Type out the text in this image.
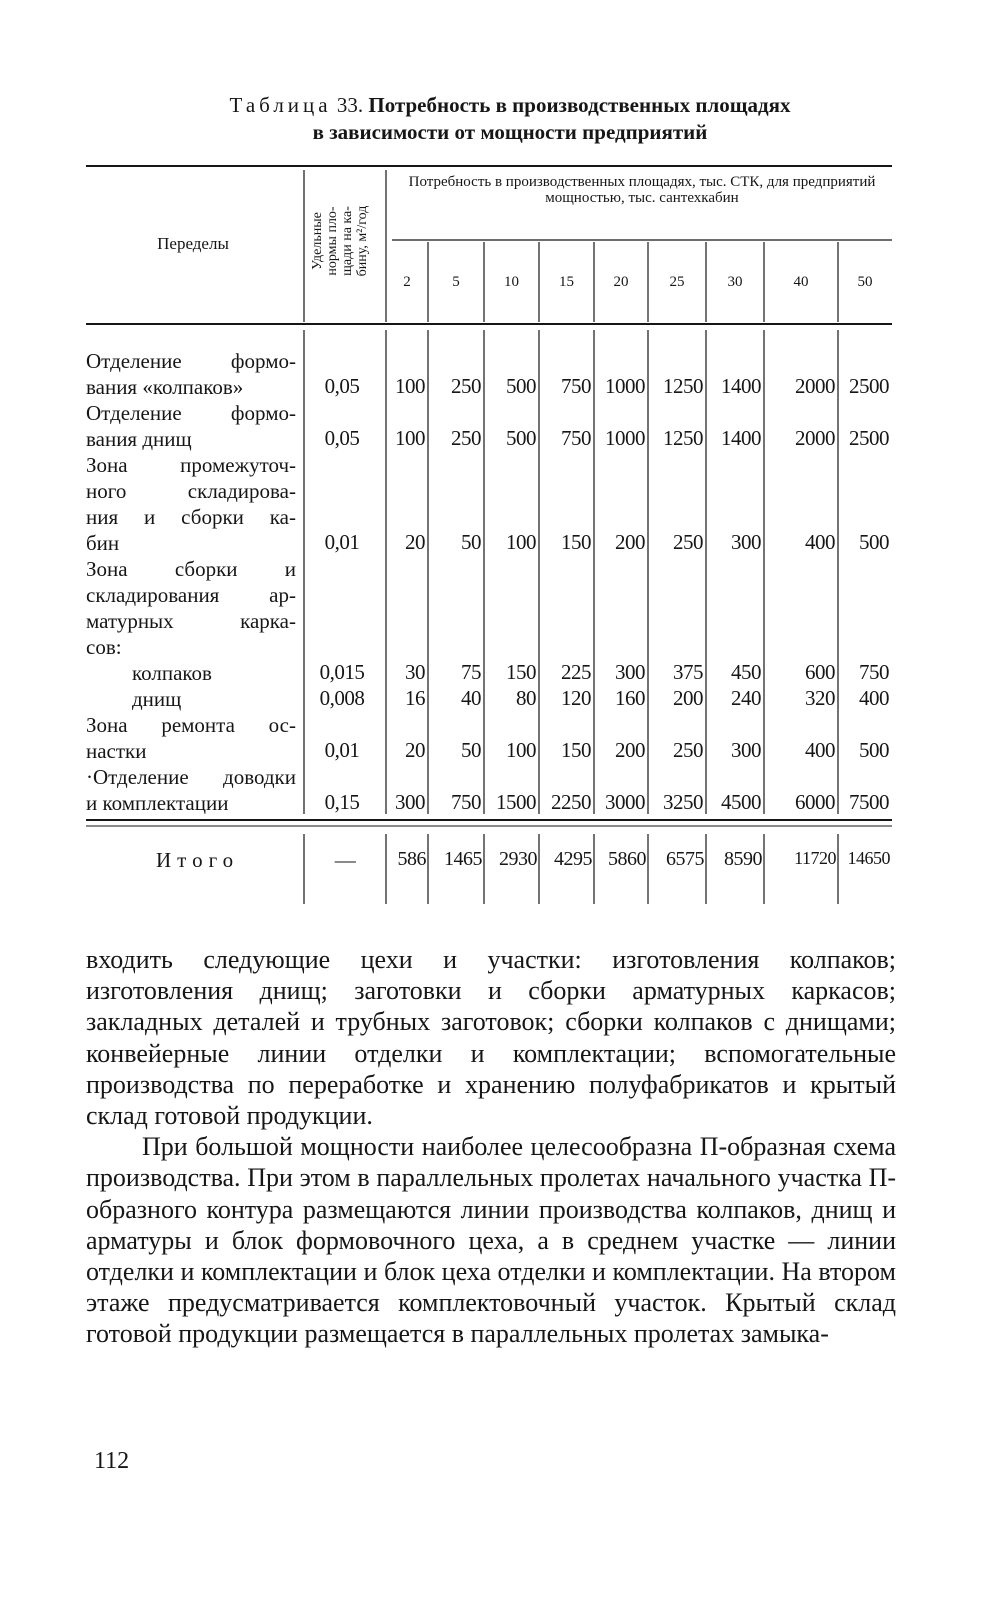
Таблица 33. Потребность в производственных площадях
в зависимости от мощности предприятий
Переделы	Удельные
нормы пло-
щади на ка-
бину, м²/год
Потребность в производственных площадях, тыс. СТК, для предприятий мощностью, тыс. сантехкабин
2	5	10	15	20	25	30	40	50
Отделение формо-
вания «колпаков»	0,05	100	250	500	750 1000 1250 1400	2000 2500
Отделение формо-
вания днищ	0,05	100	250	500	750 1000 1250 1400	2000 2500
Зона промежуточ-
ного складирова-
ния и сборки ка-
бин	0,01	20	50	100	150	200	250	300	400	500
Зона сборки и
складирования ар-
матурных карка-
сов:
колпаков	0,015	30	75	150	225	300	375	450	600	750
днищ	0,008	16	40	80	120	160	200	240	320	400
Зона ремонта ос-
настки	0,01	20	50	100	150	200	250	300	400	500
·Отделение доводки
и комплектации	0,15	300	750 1500 2250 3000 3250 4500	6000 7500
Итого	—	586 1465 2930 4295 5860	6575	8590	11720 14650

входить следующие цехи и участки: изготовления колпаков; изготовления днищ; заготовки и сборки арматурных каркасов; закладных деталей и трубных заготовок; сборки колпаков с днищами; конвейерные линии отделки и комплектации; вспомогательные производства по переработке и хранению полуфабрикатов и крытый склад готовой продукции.

При большой мощности наиболее целесообразна П-образная схема производства. При этом в параллельных пролетах начального участка П-образного контура размещаются линии производства колпаков, днищ и арматуры и блок формовочного цеха, а в среднем участке — линии отделки и комплектации и блок цеха отделки и комплектации. На втором этаже предусматривается комплектовочный участок. Крытый склад готовой продукции размещается в параллельных пролетах замыка-

112
